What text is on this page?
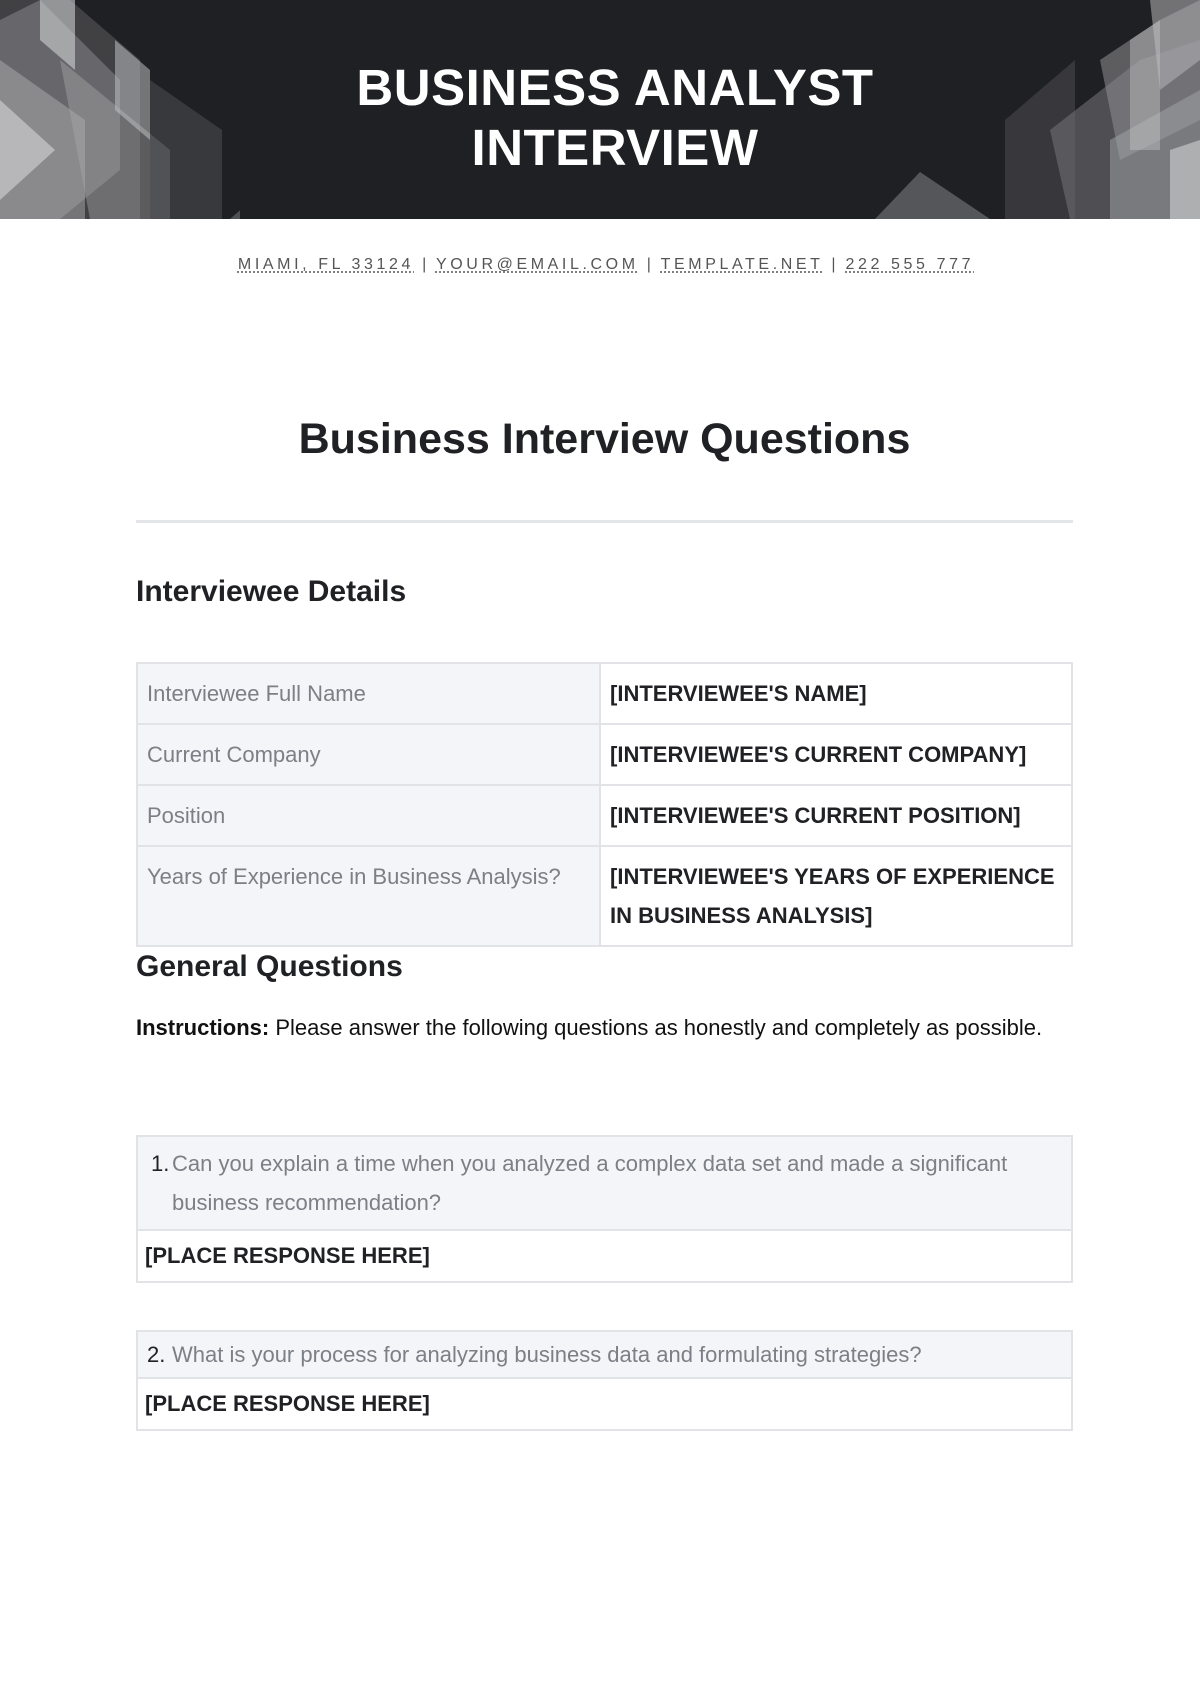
BUSINESS ANALYST
INTERVIEW
MIAMI, FL 33124 | YOUR@EMAIL.COM | TEMPLATE.NET | 222 555 777
Business Interview Questions
Interviewee Details
Interviewee Full Name	[INTERVIEWEE'S NAME]
Current Company	[INTERVIEWEE'S CURRENT COMPANY]
Position	[INTERVIEWEE'S CURRENT POSITION]
Years of Experience in Business Analysis?	[INTERVIEWEE'S YEARS OF EXPERIENCE IN BUSINESS ANALYSIS]
General Questions
Instructions: Please answer the following questions as honestly and completely as possible.
1. Can you explain a time when you analyzed a complex data set and made a significant business recommendation?
[PLACE RESPONSE HERE]
2. What is your process for analyzing business data and formulating strategies?
[PLACE RESPONSE HERE]
